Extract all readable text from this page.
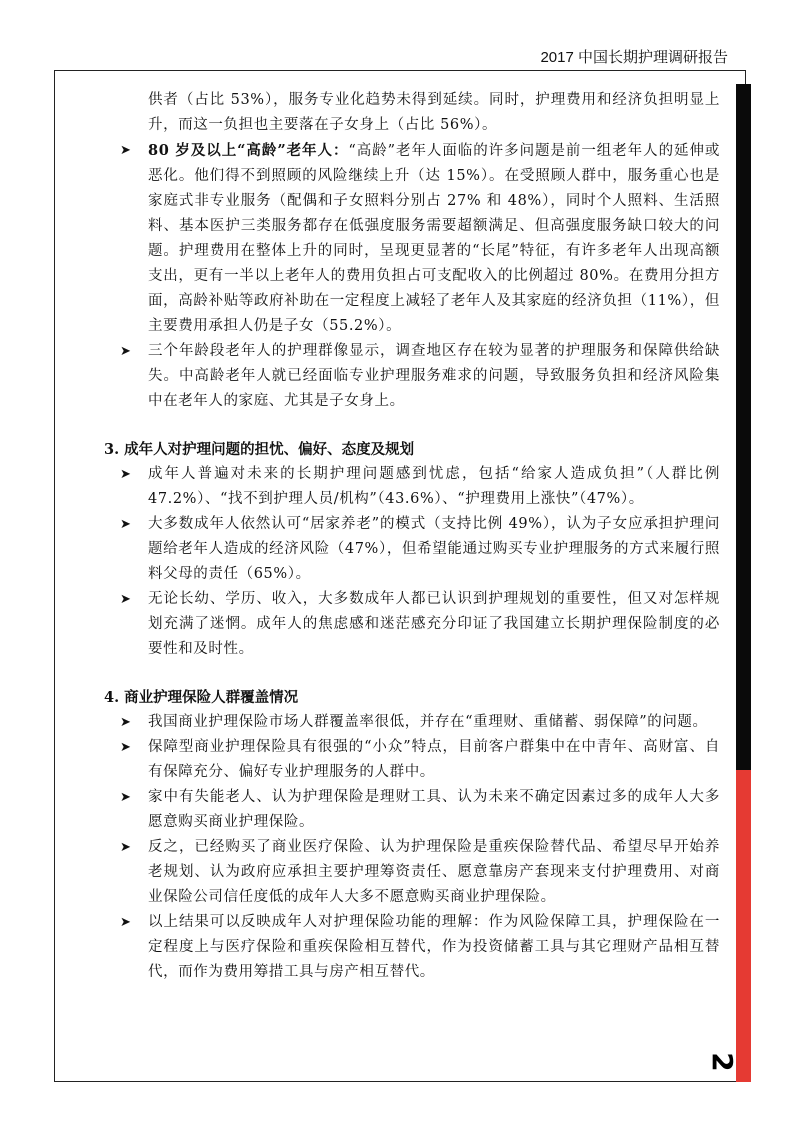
2017 中国长期护理调研报告
2

供者（占比 53%），服务专业化趋势未得到延续。同时，护理费用和经济负担明显上升，而这一负担也主要落在子女身上（占比 56%）。

➤ 80 岁及以上“高龄”老年人：“高龄”老年人面临的许多问题是前一组老年人的延伸或恶化。他们得不到照顾的风险继续上升（达 15%）。在受照顾人群中，服务重心也是家庭式非专业服务（配偶和子女照料分别占 27% 和 48%），同时个人照料、生活照料、基本医护三类服务都存在低强度服务需要超额满足、但高强度服务缺口较大的问题。护理费用在整体上升的同时，呈现更显著的“长尾”特征，有许多老年人出现高额支出，更有一半以上老年人的费用负担占可支配收入的比例超过 80%。在费用分担方面，高龄补贴等政府补助在一定程度上减轻了老年人及其家庭的经济负担（11%），但主要费用承担人仍是子女（55.2%）。
➤ 三个年龄段老年人的护理群像显示，调查地区存在较为显著的护理服务和保障供给缺失。中高龄老年人就已经面临专业护理服务难求的问题，导致服务负担和经济风险集中在老年人的家庭、尤其是子女身上。

3. 成年人对护理问题的担忧、偏好、态度及规划

➤ 成年人普遍对未来的长期护理问题感到忧虑，包括“给家人造成负担”（人群比例 47.2%）、“找不到护理人员/机构”（43.6%）、“护理费用上涨快”（47%）。
➤ 大多数成年人依然认可“居家养老”的模式（支持比例 49%），认为子女应承担护理问题给老年人造成的经济风险（47%），但希望能通过购买专业护理服务的方式来履行照料父母的责任（65%）。
➤ 无论长幼、学历、收入，大多数成年人都已认识到护理规划的重要性，但又对怎样规划充满了迷惘。成年人的焦虑感和迷茫感充分印证了我国建立长期护理保险制度的必要性和及时性。

4. 商业护理保险人群覆盖情况

➤ 我国商业护理保险市场人群覆盖率很低，并存在“重理财、重储蓄、弱保障”的问题。
➤ 保障型商业护理保险具有很强的“小众”特点，目前客户群集中在中青年、高财富、自有保障充分、偏好专业护理服务的人群中。
➤ 家中有失能老人、认为护理保险是理财工具、认为未来不确定因素过多的成年人大多愿意购买商业护理保险。
➤ 反之，已经购买了商业医疗保险、认为护理保险是重疾保险替代品、希望尽早开始养老规划、认为政府应承担主要护理筹资责任、愿意靠房产套现来支付护理费用、对商业保险公司信任度低的成年人大多不愿意购买商业护理保险。
➤ 以上结果可以反映成年人对护理保险功能的理解：作为风险保障工具，护理保险在一定程度上与医疗保险和重疾保险相互替代，作为投资储蓄工具与其它理财产品相互替代，而作为费用筹措工具与房产相互替代。
